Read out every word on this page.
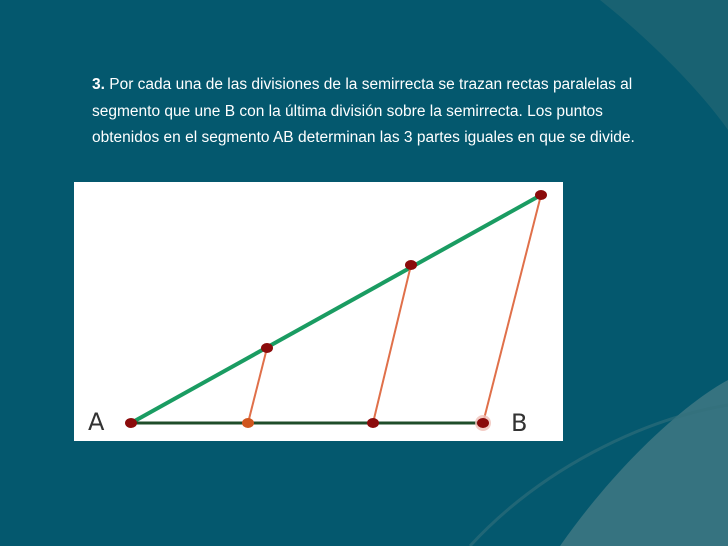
3. Por cada una de las divisiones de la semirrecta se trazan rectas paralelas al segmento que une B con la última división sobre la semirrecta. Los puntos obtenidos en el segmento AB determinan las 3 partes iguales en que se divide.
A	B
